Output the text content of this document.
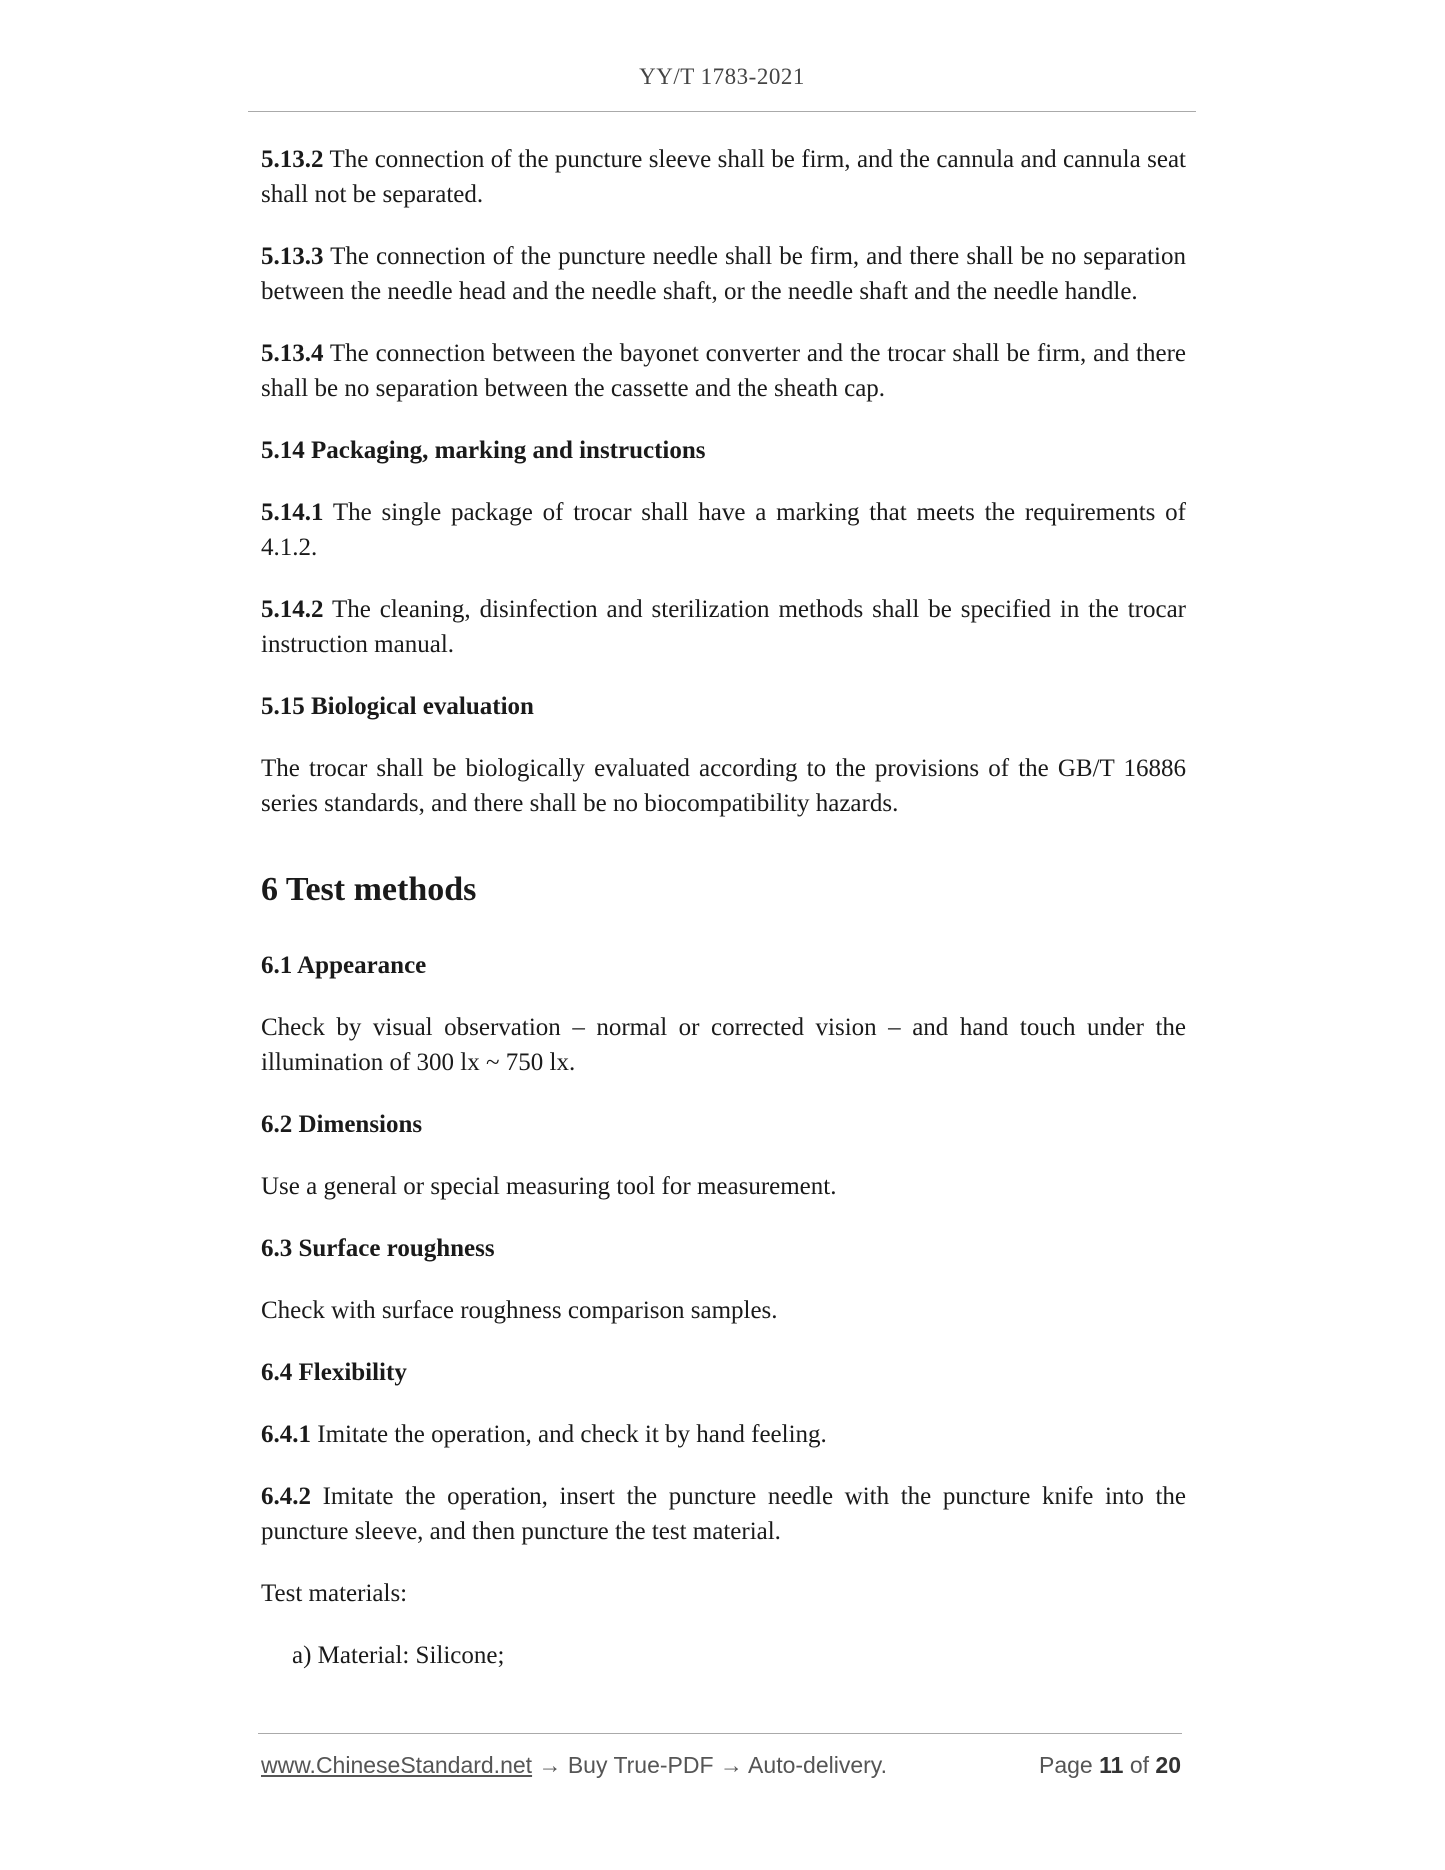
YY/T 1783-2021

5.13.2 The connection of the puncture sleeve shall be firm, and the cannula and cannula seat shall not be separated.

5.13.3 The connection of the puncture needle shall be firm, and there shall be no separation between the needle head and the needle shaft, or the needle shaft and the needle handle.

5.13.4 The connection between the bayonet converter and the trocar shall be firm, and there shall be no separation between the cassette and the sheath cap.

5.14 Packaging, marking and instructions

5.14.1 The single package of trocar shall have a marking that meets the requirements of 4.1.2.

5.14.2 The cleaning, disinfection and sterilization methods shall be specified in the trocar instruction manual.

5.15 Biological evaluation

The trocar shall be biologically evaluated according to the provisions of the GB/T 16886 series standards, and there shall be no biocompatibility hazards.

6 Test methods

6.1 Appearance

Check by visual observation – normal or corrected vision – and hand touch under the illumination of 300 lx ~ 750 lx.

6.2 Dimensions

Use a general or special measuring tool for measurement.

6.3 Surface roughness

Check with surface roughness comparison samples.

6.4 Flexibility

6.4.1 Imitate the operation, and check it by hand feeling.

6.4.2 Imitate the operation, insert the puncture needle with the puncture knife into the puncture sleeve, and then puncture the test material.

Test materials:

a) Material: Silicone;

www.ChineseStandard.net → Buy True-PDF → Auto-delivery.	Page 11 of 20
